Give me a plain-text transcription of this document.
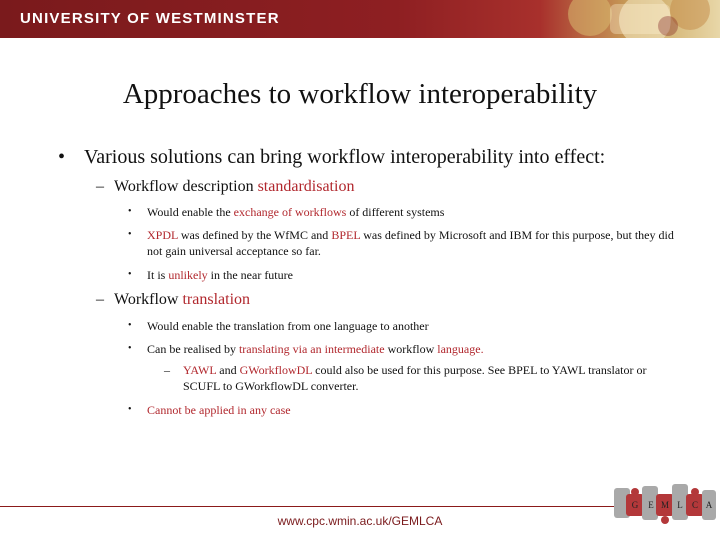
UNIVERSITY OF WESTMINSTER
Approaches to workflow interoperability
• Various solutions can bring workflow interoperability into effect:
– Workflow description standardisation
• Would enable the exchange of workflows of different systems
• XPDL was defined by the WfMC and BPEL was defined by Microsoft and IBM for this purpose, but they did not gain universal acceptance so far.
• It is unlikely in the near future
– Workflow translation
• Would enable the translation from one language to another
• Can be realised by translating via an intermediate workflow language.
– YAWL and GWorkflowDL could also be used for this purpose. See BPEL to YAWL translator or SCUFL to GWorkflowDL converter.
• Cannot be applied in any case
www.cpc.wmin.ac.uk/GEMLCA
G E M L C A
